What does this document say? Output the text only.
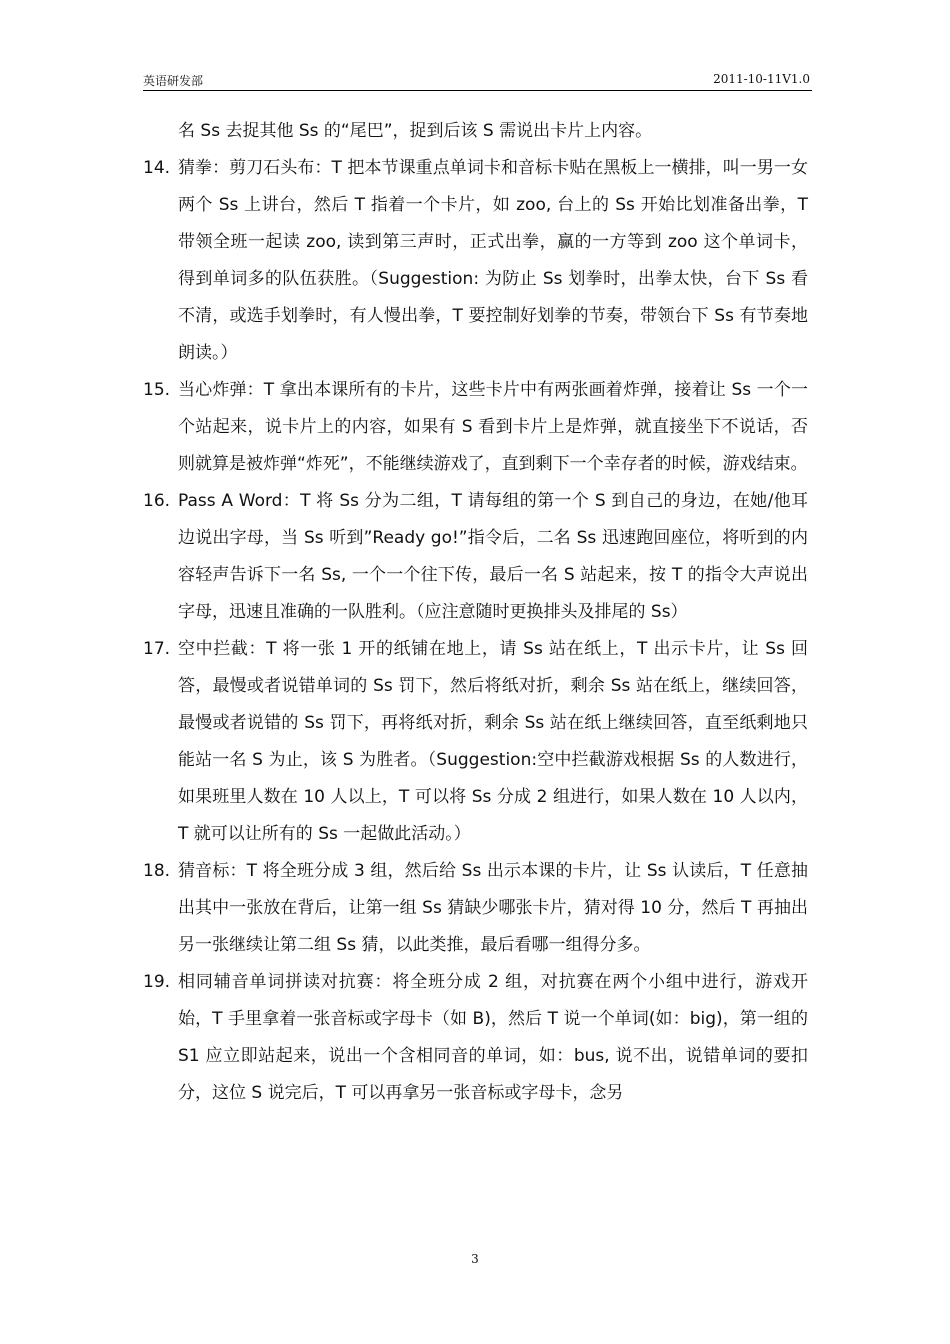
英语研发部	2011-10-11V1.0
名 Ss 去捉其他 Ss 的“尾巴”，捉到后该 S 需说出卡片上内容。
14. 猜拳：剪刀石头布：T 把本节课重点单词卡和音标卡贴在黑板上一横排，叫一男一女两个 Ss 上讲台，然后 T 指着一个卡片，如 zoo, 台上的 Ss 开始比划准备出拳，T 带领全班一起读 zoo, 读到第三声时，正式出拳，赢的一方等到 zoo 这个单词卡，得到单词多的队伍获胜。（Suggestion: 为防止 Ss 划拳时，出拳太快，台下 Ss 看不清，或选手划拳时，有人慢出拳，T 要控制好划拳的节奏，带领台下 Ss 有节奏地朗读。）
15. 当心炸弹：T 拿出本课所有的卡片，这些卡片中有两张画着炸弹，接着让 Ss 一个一个站起来，说卡片上的内容，如果有 S 看到卡片上是炸弹，就直接坐下不说话，否则就算是被炸弹“炸死”，不能继续游戏了，直到剩下一个幸存者的时候，游戏结束。
16. Pass A Word：T 将 Ss 分为二组，T 请每组的第一个 S 到自己的身边，在她/他耳边说出字母，当 Ss 听到”Ready go!”指令后，二名 Ss 迅速跑回座位，将听到的内容轻声告诉下一名 Ss, 一个一个往下传，最后一名 S 站起来，按 T 的指令大声说出字母，迅速且准确的一队胜利。（应注意随时更换排头及排尾的 Ss）
17. 空中拦截：T 将一张 1 开的纸铺在地上，请 Ss 站在纸上，T 出示卡片，让 Ss 回答，最慢或者说错单词的 Ss 罚下，然后将纸对折，剩余 Ss 站在纸上，继续回答，最慢或者说错的 Ss 罚下，再将纸对折，剩余 Ss 站在纸上继续回答，直至纸剩地只能站一名 S 为止，该 S 为胜者。（Suggestion:空中拦截游戏根据 Ss 的人数进行，如果班里人数在 10 人以上，T 可以将 Ss 分成 2 组进行，如果人数在 10 人以内，T 就可以让所有的 Ss 一起做此活动。）
18. 猜音标：T 将全班分成 3 组，然后给 Ss 出示本课的卡片，让 Ss 认读后，T 任意抽出其中一张放在背后，让第一组 Ss 猜缺少哪张卡片，猜对得 10 分，然后 T 再抽出另一张继续让第二组 Ss 猜，以此类推，最后看哪一组得分多。
19. 相同辅音单词拼读对抗赛：将全班分成 2 组，对抗赛在两个小组中进行，游戏开始，T 手里拿着一张音标或字母卡（如 B)，然后 T 说一个单词(如：big)，第一组的 S1 应立即站起来，说出一个含相同音的单词，如：bus, 说不出，说错单词的要扣分，这位 S 说完后，T 可以再拿另一张音标或字母卡，念另
3
